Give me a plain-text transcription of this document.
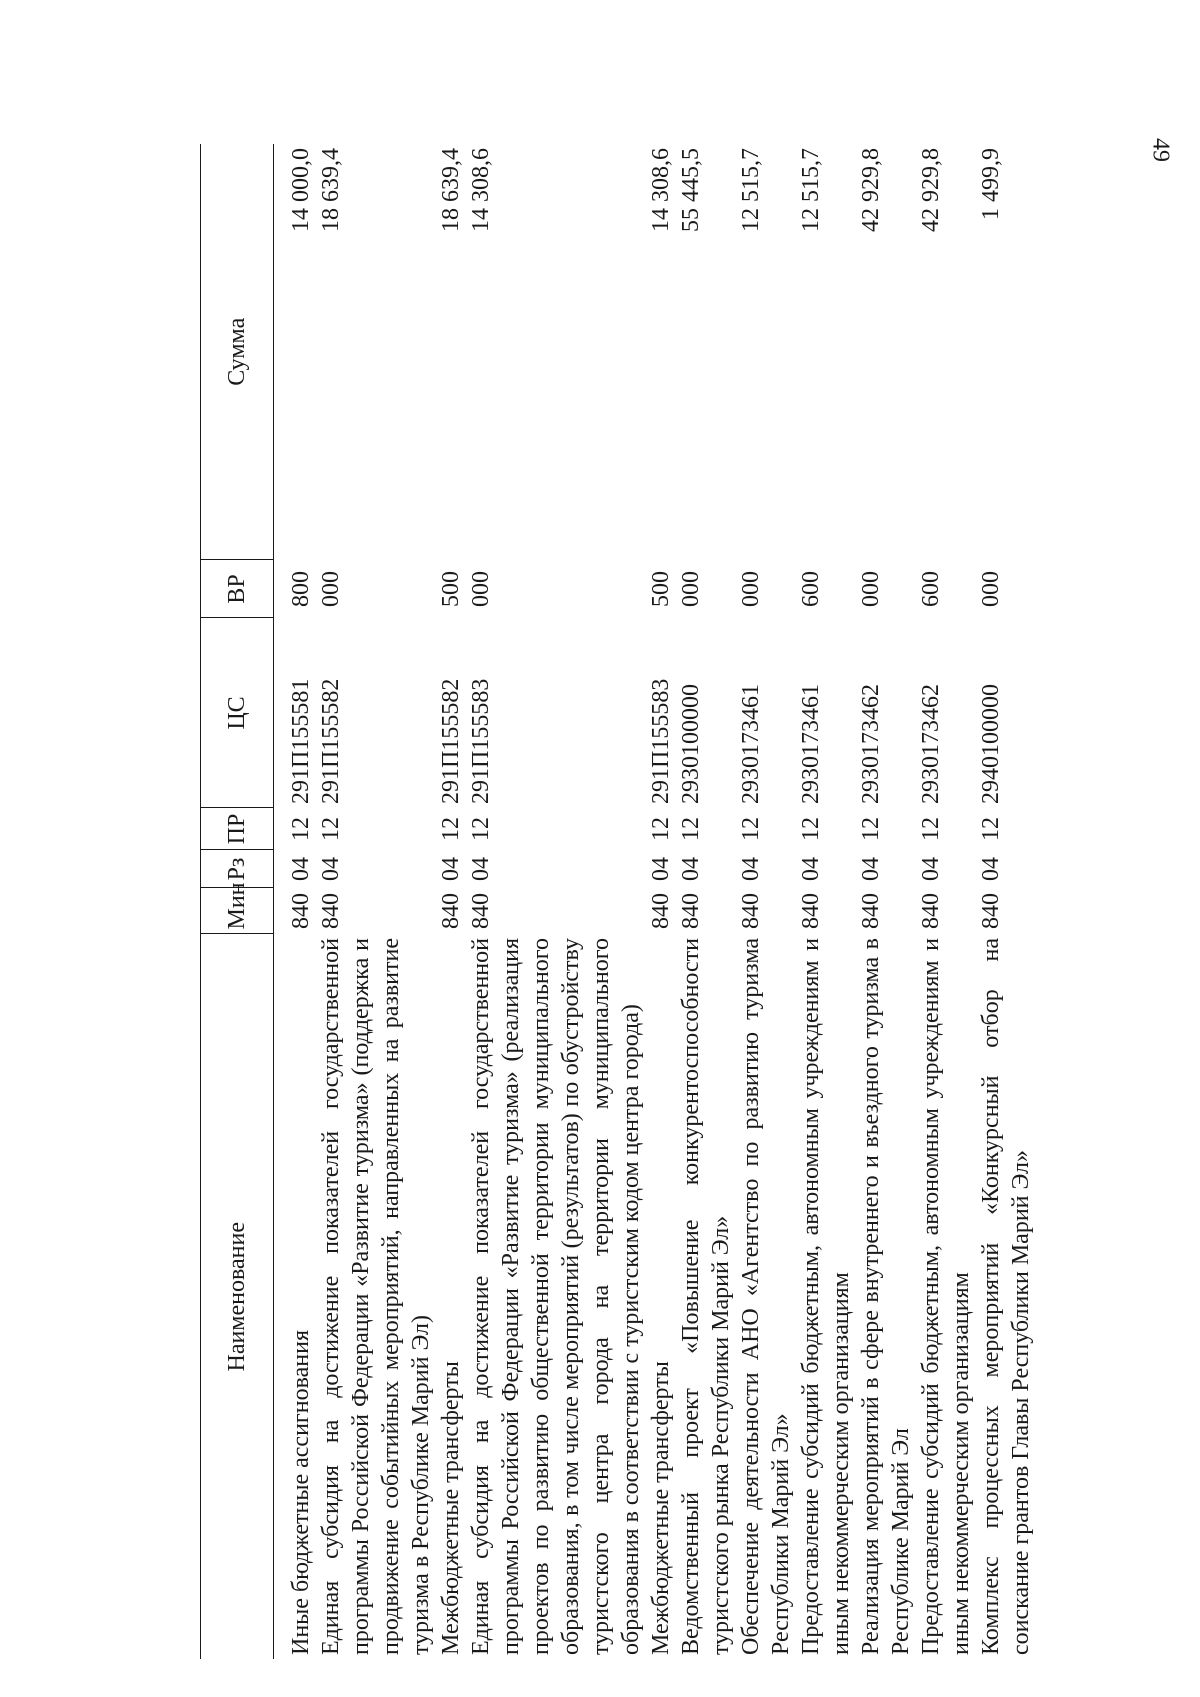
49
Наименование	Мин	Рз	ПР	ЦС	ВР	Сумма
Иные бюджетные ассигнования	840	04	12	291П155581	800	14 000,0
Единая субсидия на достижение показателей государственной программы Российской Федерации «Развитие туризма» (поддержка и продвижение событийных мероприятий, направленных на развитие туризма в Республике Марий Эл)	840	04	12	291П155582	000	18 639,4
Межбюджетные трансферты	840	04	12	291П155582	500	18 639,4
Единая субсидия на достижение показателей государственной программы Российской Федерации «Развитие туризма» (реализация проектов по развитию общественной территории муниципального образования, в том числе мероприятий (результатов) по обустройству туристского центра города на территории муниципального образования в соответствии с туристским кодом центра города)	840	04	12	291П155583	000	14 308,6
Межбюджетные трансферты	840	04	12	291П155583	500	14 308,6
Ведомственный проект «Повышение конкурентоспособности туристского рынка Республики Марий Эл»	840	04	12	2930100000	000	55 445,5
Обеспечение деятельности АНО «Агентство по развитию туризма Республики Марий Эл»	840	04	12	2930173461	000	12 515,7
Предоставление субсидий бюджетным, автономным учреждениям и иным некоммерческим организациям	840	04	12	2930173461	600	12 515,7
Реализация мероприятий в сфере внутреннего и въездного туризма в Республике Марий Эл	840	04	12	2930173462	000	42 929,8
Предоставление субсидий бюджетным, автономным учреждениям и иным некоммерческим организациям	840	04	12	2930173462	600	42 929,8
Комплекс процессных мероприятий «Конкурсный отбор на соискание грантов Главы Республики Марий Эл»	840	04	12	2940100000	000	1 499,9
